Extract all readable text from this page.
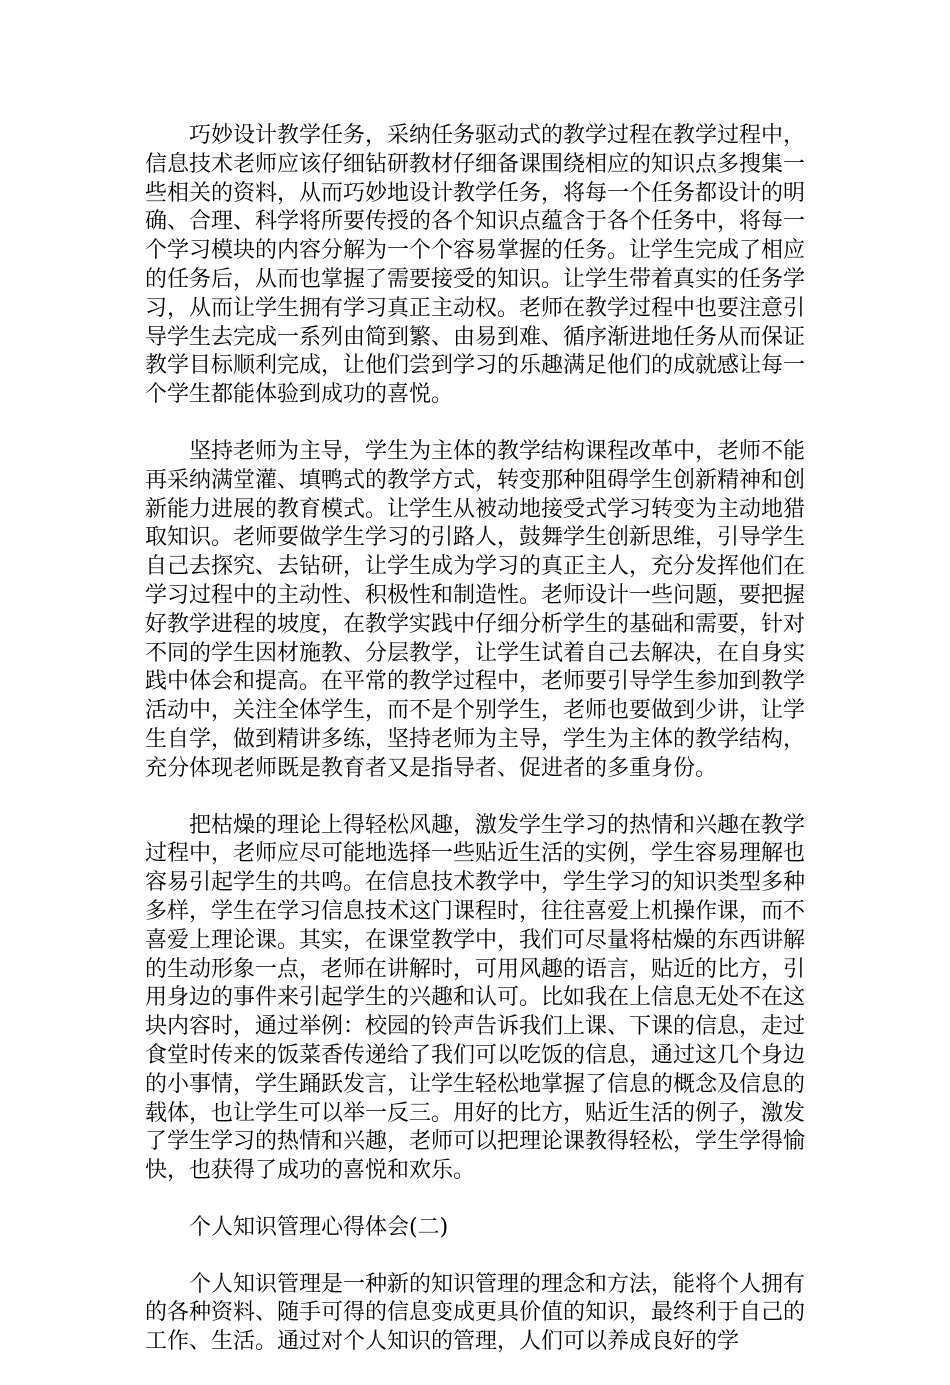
巧妙设计教学任务，采纳任务驱动式的教学过程在教学过程中，信息技术老师应该仔细钻研教材仔细备课围绕相应的知识点多搜集一些相关的资料，从而巧妙地设计教学任务，将每一个任务都设计的明确、合理、科学将所要传授的各个知识点蕴含于各个任务中，将每一个学习模块的内容分解为一个个容易掌握的任务。让学生完成了相应的任务后，从而也掌握了需要接受的知识。让学生带着真实的任务学习，从而让学生拥有学习真正主动权。老师在教学过程中也要注意引导学生去完成一系列由简到繁、由易到难、循序渐进地任务从而保证教学目标顺利完成，让他们尝到学习的乐趣满足他们的成就感让每一个学生都能体验到成功的喜悦。

坚持老师为主导，学生为主体的教学结构课程改革中，老师不能再采纳满堂灌、填鸭式的教学方式，转变那种阻碍学生创新精神和创新能力进展的教育模式。让学生从被动地接受式学习转变为主动地猎取知识。老师要做学生学习的引路人，鼓舞学生创新思维，引导学生自己去探究、去钻研，让学生成为学习的真正主人，充分发挥他们在学习过程中的主动性、积极性和制造性。老师设计一些问题，要把握好教学进程的坡度，在教学实践中仔细分析学生的基础和需要，针对不同的学生因材施教、分层教学，让学生试着自己去解决，在自身实践中体会和提高。在平常的教学过程中，老师要引导学生参加到教学活动中，关注全体学生，而不是个别学生，老师也要做到少讲，让学生自学，做到精讲多练，坚持老师为主导，学生为主体的教学结构，充分体现老师既是教育者又是指导者、促进者的多重身份。

把枯燥的理论上得轻松风趣，激发学生学习的热情和兴趣在教学过程中，老师应尽可能地选择一些贴近生活的实例，学生容易理解也容易引起学生的共鸣。在信息技术教学中，学生学习的知识类型多种多样，学生在学习信息技术这门课程时，往往喜爱上机操作课，而不喜爱上理论课。其实，在课堂教学中，我们可尽量将枯燥的东西讲解的生动形象一点，老师在讲解时，可用风趣的语言，贴近的比方，引用身边的事件来引起学生的兴趣和认可。比如我在上信息无处不在这块内容时，通过举例：校园的铃声告诉我们上课、下课的信息，走过食堂时传来的饭菜香传递给了我们可以吃饭的信息，通过这几个身边的小事情，学生踊跃发言，让学生轻松地掌握了信息的概念及信息的载体，也让学生可以举一反三。用好的比方，贴近生活的例子，激发了学生学习的热情和兴趣，老师可以把理论课教得轻松，学生学得愉快，也获得了成功的喜悦和欢乐。

个人知识管理心得体会(二)

个人知识管理是一种新的知识管理的理念和方法，能将个人拥有的各种资料、随手可得的信息变成更具价值的知识，最终利于自己的工作、生活。通过对个人知识的管理，人们可以养成良好的学
